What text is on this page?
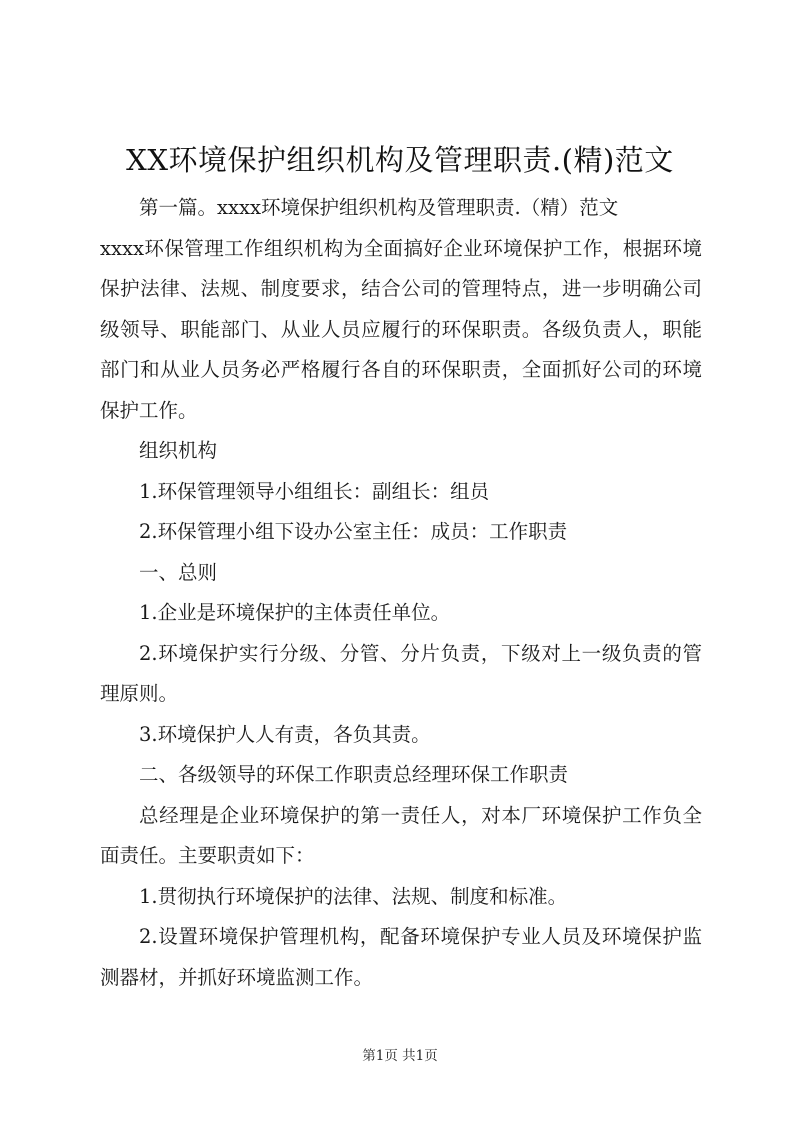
XX环境保护组织机构及管理职责.(精)范文

第一篇。xxxx环境保护组织机构及管理职责.（精）范文

xxxx环保管理工作组织机构为全面搞好企业环境保护工作，根据环境保护法律、法规、制度要求，结合公司的管理特点，进一步明确公司级领导、职能部门、从业人员应履行的环保职责。各级负责人，职能部门和从业人员务必严格履行各自的环保职责，全面抓好公司的环境保护工作。

组织机构

1.环保管理领导小组组长：副组长：组员

2.环保管理小组下设办公室主任：成员：工作职责

一、总则

1.企业是环境保护的主体责任单位。

2.环境保护实行分级、分管、分片负责，下级对上一级负责的管理原则。

3.环境保护人人有责，各负其责。

二、各级领导的环保工作职责总经理环保工作职责

总经理是企业环境保护的第一责任人，对本厂环境保护工作负全面责任。主要职责如下：

1.贯彻执行环境保护的法律、法规、制度和标准。

2.设置环境保护管理机构，配备环境保护专业人员及环境保护监测器材，并抓好环境监测工作。

第1页 共1页
